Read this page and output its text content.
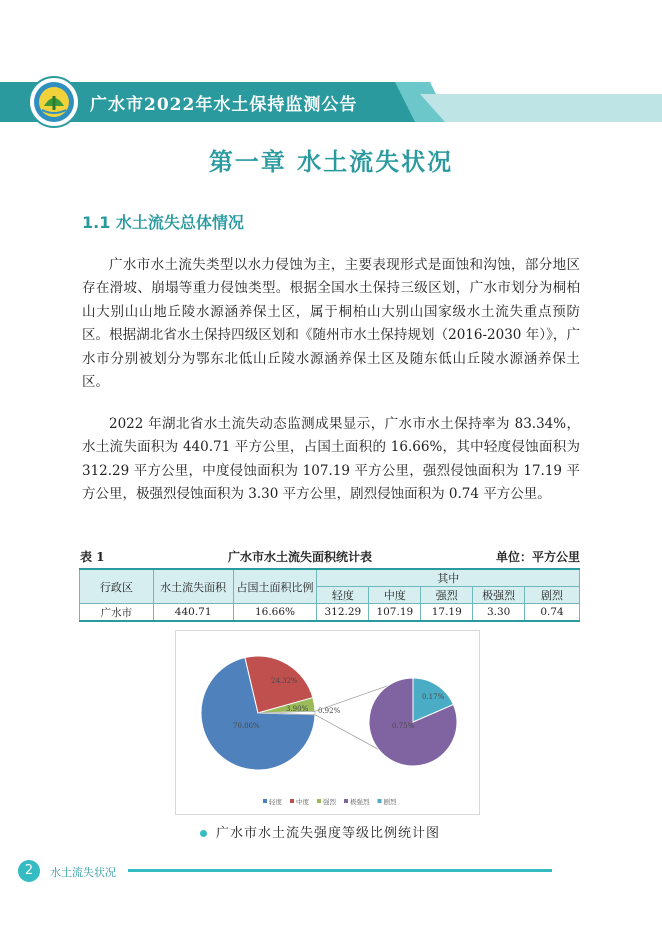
广水市2022年水土保持监测公告
第一章 水土流失状况
1.1 水土流失总体情况
广水市水土流失类型以水力侵蚀为主，主要表现形式是面蚀和沟蚀，部分地区存在滑坡、崩塌等重力侵蚀类型。根据全国水土保持三级区划，广水市划分为桐柏山大别山山地丘陵水源涵养保土区，属于桐柏山大别山国家级水土流失重点预防区。根据湖北省水土保持四级区划和《随州市水土保持规划（2016-2030 年）》，广水市分别被划分为鄂东北低山丘陵水源涵养保土区及随东低山丘陵水源涵养保土区。
2022 年湖北省水土流失动态监测成果显示，广水市水土保持率为 83.34%，水土流失面积为 440.71 平方公里，占国土面积的 16.66%，其中轻度侵蚀面积为 312.29 平方公里，中度侵蚀面积为 107.19 平方公里，强烈侵蚀面积为 17.19 平方公里，极强烈侵蚀面积为 3.30 平方公里，剧烈侵蚀面积为 0.74 平方公里。
表 1	广水市水土流失面积统计表	单位：平方公里
行政区	水土流失面积	占国土面积比例	其中				
			轻度	中度	强烈	极强烈	剧烈
广水市	440.71	16.66%	312.29	107.19	17.19	3.30	0.74
70.86%
24.32%
3.90% 0.92%
0.75%
0.17%
轻度 中度 强烈 极强烈 剧烈
广水市水土流失强度等级比例统计图
2	水土流失状况
